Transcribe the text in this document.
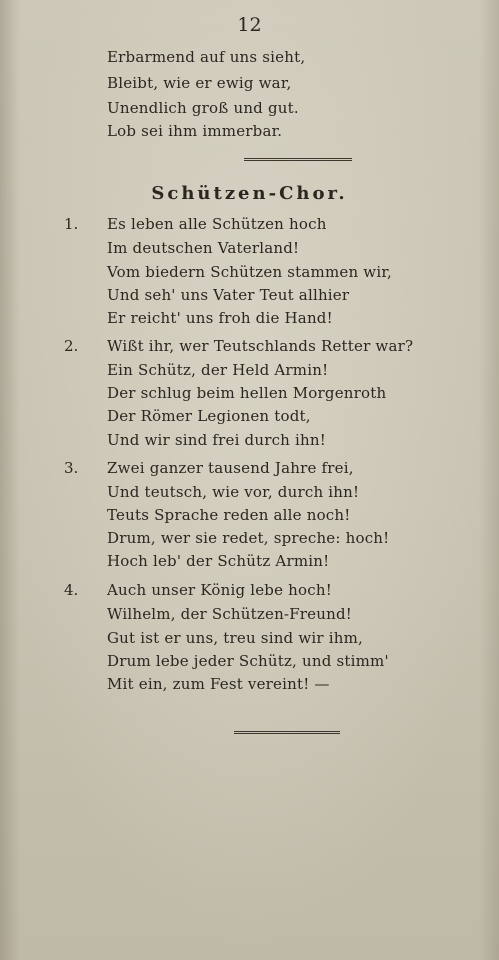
12
Erbarmend auf uns sieht,
Bleibt, wie er ewig war,
Unendlich groß und gut.
Lob sei ihm immerbar.
Schützen-Chor.
1. Es leben alle Schützen hoch
Im deutschen Vaterland!
Vom biedern Schützen stammen wir,
Und seh' uns Vater Teut allhier
Er reicht' uns froh die Hand!
2. Wißt ihr, wer Teutschlands Retter war?
Ein Schütz, der Held Armin!
Der schlug beim hellen Morgenroth
Der Römer Legionen todt,
Und wir sind frei durch ihn!
3. Zwei ganzer tausend Jahre frei,
Und teutsch, wie vor, durch ihn!
Teuts Sprache reden alle noch!
Drum, wer sie redet, spreche: hoch!
Hoch leb' der Schütz Armin!
4. Auch unser König lebe hoch!
Wilhelm, der Schützen-Freund!
Gut ist er uns, treu sind wir ihm,
Drum lebe jeder Schütz, und stimm'
Mit ein, zum Fest vereint! —
